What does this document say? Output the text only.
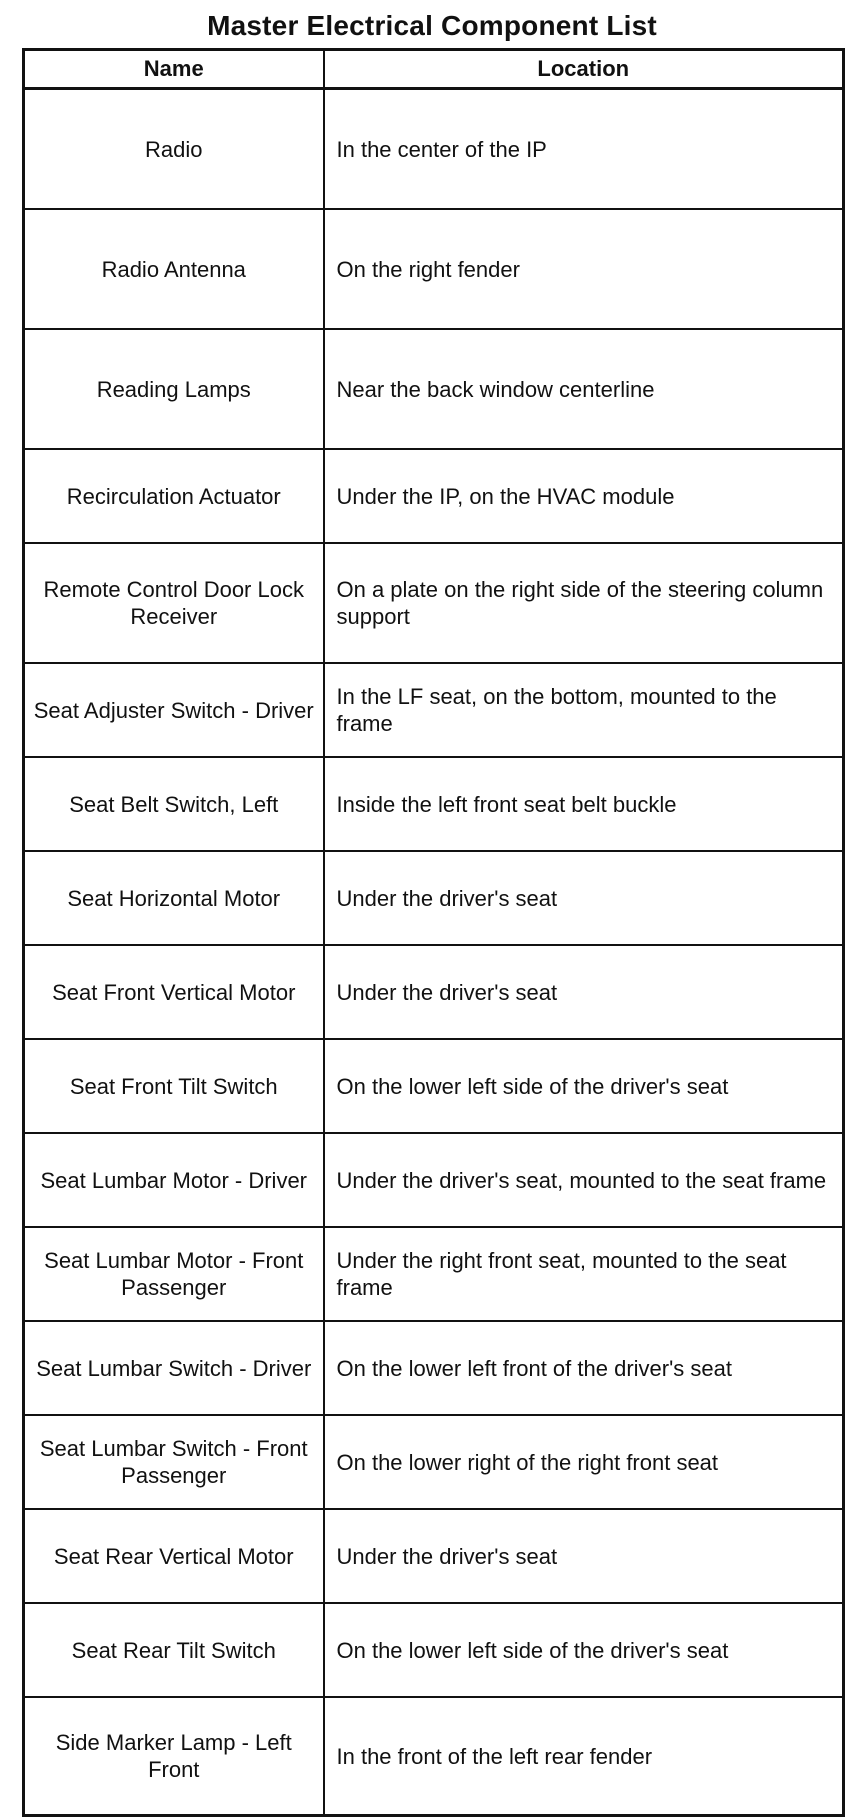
Master Electrical Component List
Name	Location
Radio	In the center of the IP
Radio Antenna	On the right fender
Reading Lamps	Near the back window centerline
Recirculation Actuator	Under the IP, on the HVAC module
Remote Control Door Lock Receiver	On a plate on the right side of the steering column support
Seat Adjuster Switch - Driver	In the LF seat, on the bottom, mounted to the frame
Seat Belt Switch, Left	Inside the left front seat belt buckle
Seat Horizontal Motor	Under the driver's seat
Seat Front Vertical Motor	Under the driver's seat
Seat Front Tilt Switch	On the lower left side of the driver's seat
Seat Lumbar Motor - Driver	Under the driver's seat, mounted to the seat frame
Seat Lumbar Motor - Front Passenger	Under the right front seat, mounted to the seat frame
Seat Lumbar Switch - Driver	On the lower left front of the driver's seat
Seat Lumbar Switch - Front Passenger	On the lower right of the right front seat
Seat Rear Vertical Motor	Under the driver's seat
Seat Rear Tilt Switch	On the lower left side of the driver's seat
Side Marker Lamp - Left Front	In the front of the left rear fender
